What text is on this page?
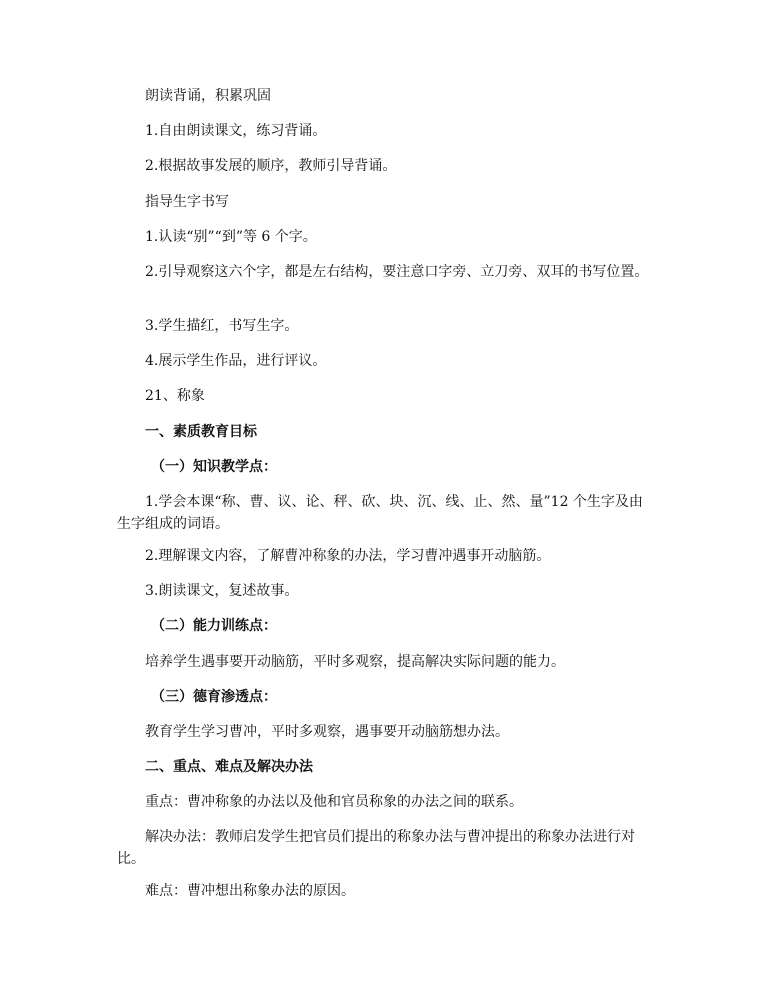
朗读背诵，积累巩固

1.自由朗读课文，练习背诵。

2.根据故事发展的顺序，教师引导背诵。

指导生字书写

1.认读“别”“到”等 6 个字。

2.引导观察这六个字，都是左右结构，要注意口字旁、立刀旁、双耳的书写位置。

3.学生描红，书写生字。

4.展示学生作品，进行评议。

21、称象

一、素质教育目标

（一）知识教学点：

1.学会本课“称、曹、议、论、秤、砍、块、沉、线、止、然、量”12 个生字及由生字组成的词语。

2.理解课文内容，了解曹冲称象的办法，学习曹冲遇事开动脑筋。

3.朗读课文，复述故事。

（二）能力训练点：

培养学生遇事要开动脑筋，平时多观察，提高解决实际问题的能力。

（三）德育渗透点：

教育学生学习曹冲，平时多观察，遇事要开动脑筋想办法。

二、重点、难点及解决办法

重点：曹冲称象的办法以及他和官员称象的办法之间的联系。

解决办法：教师启发学生把官员们提出的称象办法与曹冲提出的称象办法进行对比。

难点：曹冲想出称象办法的原因。
